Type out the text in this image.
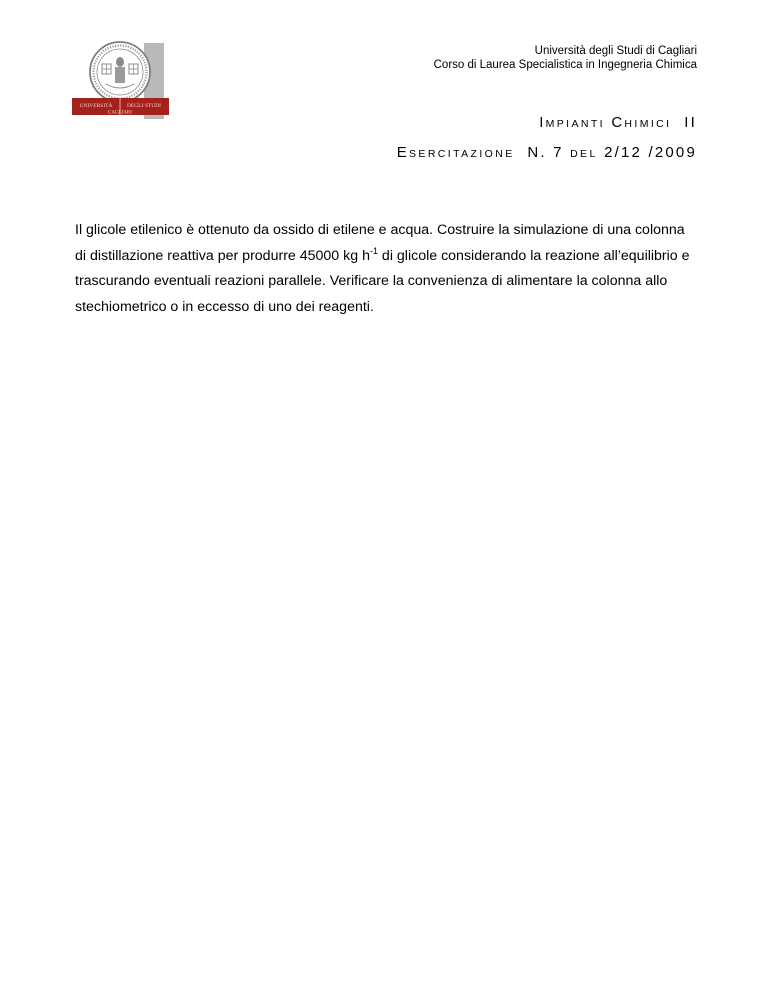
UNIVERSITÀ	DEGLI STUDI
CAGLIARI
Università degli Studi di Cagliari
Corso di Laurea Specialistica in Ingegneria Chimica
IMPIANTI CHIMICI II
ESERCITAZIONE N. 7 DEL 2/12 /2009
Il glicole etilenico è ottenuto da ossido di etilene e acqua. Costruire la simulazione di una colonna di distillazione reattiva per produrre 45000 kg $h^{-1}$ di glicole considerando la reazione all’equilibrio e trascurando eventuali reazioni parallele. Verificare la convenienza di alimentare la colonna allo stechiometrico o in eccesso di uno dei reagenti.
